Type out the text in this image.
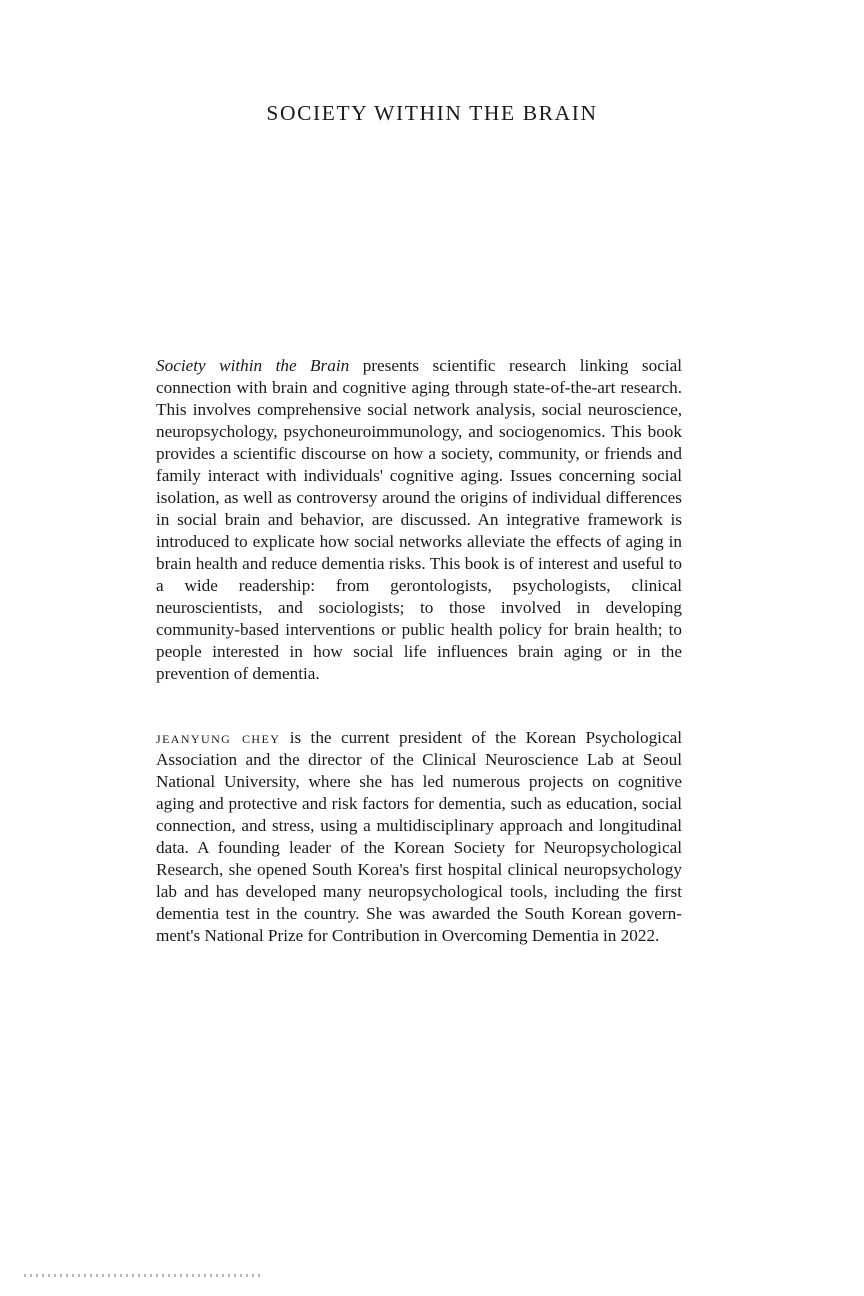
SOCIETY WITHIN THE BRAIN

Society within the Brain presents scientific research linking social connection with brain and cognitive aging through state-of-the-art research. This involves comprehensive social network analysis, social neuroscience, neuropsychology, psychoneuroimmunology, and sociogenomics. This book provides a scientific discourse on how a society, community, or friends and family interact with individuals' cognitive aging. Issues concerning social isolation, as well as controversy around the origins of individual differences in social brain and behavior, are discussed. An integrative framework is introduced to explicate how social networks alleviate the effects of aging in brain health and reduce dementia risks. This book is of interest and useful to a wide readership: from gerontologists, psychologists, clinical neuroscientists, and sociologists; to those involved in developing community-based interventions or public health policy for brain health; to people interested in how social life influences brain aging or in the prevention of dementia.

jeanyung chey is the current president of the Korean Psychological Association and the director of the Clinical Neuroscience Lab at Seoul National University, where she has led numerous projects on cognitive aging and protective and risk factors for dementia, such as education, social connection, and stress, using a multidisciplinary approach and longitudinal data. A founding leader of the Korean Society for Neuropsychological Research, she opened South Korea's first hospital clinical neuropsychology lab and has developed many neuropsychological tools, including the first dementia test in the country. She was awarded the South Korean government's National Prize for Contribution in Overcoming Dementia in 2022.
